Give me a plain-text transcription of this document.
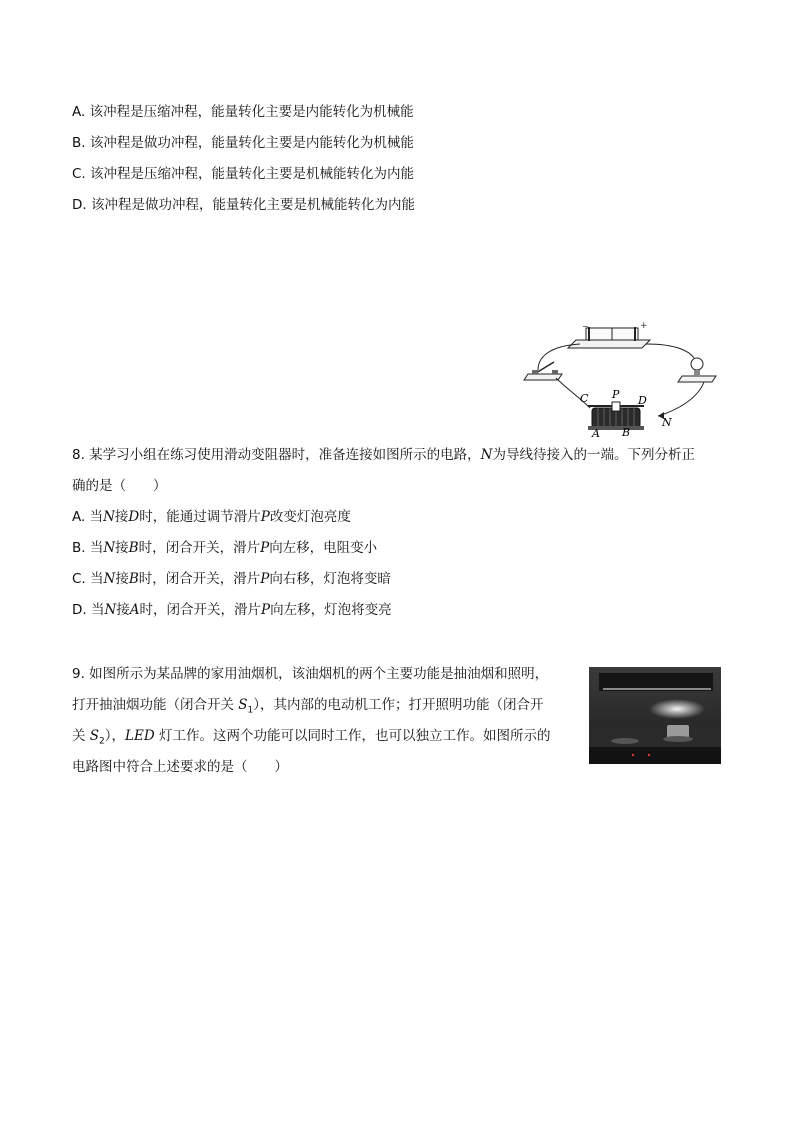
A. 该冲程是压缩冲程，能量转化主要是内能转化为机械能
B. 该冲程是做功冲程，能量转化主要是内能转化为机械能
C. 该冲程是压缩冲程，能量转化主要是机械能转化为内能
D. 该冲程是做功冲程，能量转化主要是机械能转化为内能
−	+
C P D
A B
N
8. 某学习小组在练习使用滑动变阻器时，准备连接如图所示的电路，N为导线待接入的一端。下列分析正
确的是（　　）
A. 当N接D时，能通过调节滑片P改变灯泡亮度
B. 当N接B时，闭合开关，滑片P向左移，电阻变小
C. 当N接B时，闭合开关，滑片P向右移，灯泡将变暗
D. 当N接A时，闭合开关，滑片P向左移，灯泡将变亮
9. 如图所示为某品牌的家用油烟机，该油烟机的两个主要功能是抽油烟和照明，
打开抽油烟功能（闭合开关 $S_1$），其内部的电动机工作；打开照明功能（闭合开
关 $S_2$），LED 灯工作。这两个功能可以同时工作，也可以独立工作。如图所示的
电路图中符合上述要求的是（　　）
